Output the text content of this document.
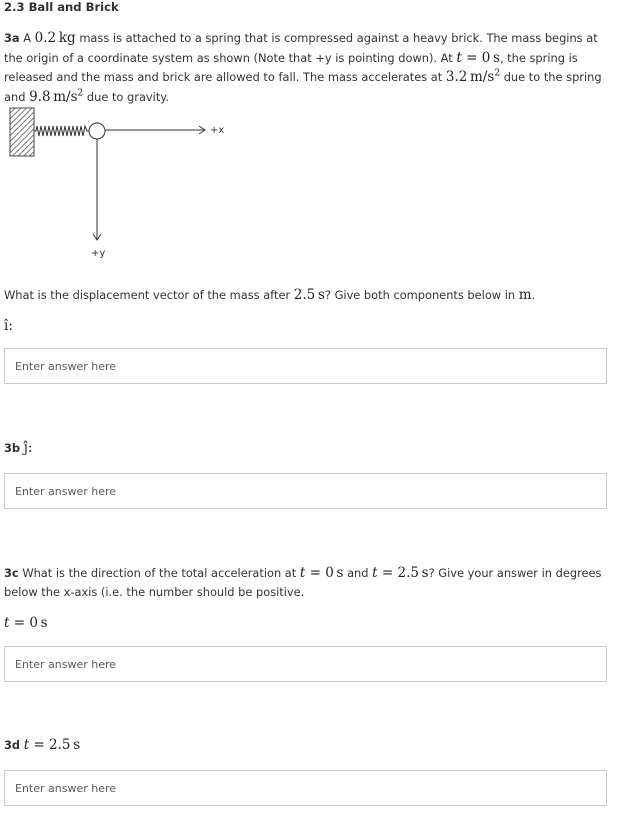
2.3 Ball and Brick
3a A 0.2  kg mass is attached to a spring that is compressed against a heavy brick. The mass begins at the origin of a coordinate system as shown (Note that +y is pointing down). At t = 0  s, the spring is released and the mass and brick are allowed to fall. The mass accelerates at 3.2  $m/s^2$ due to the spring and 9.8  $m/s^2$ due to gravity.
+x
+y
What is the displacement vector of the mass after 2.5  s? Give both components below in m.
î:
Enter answer here
3b ĵ:
Enter answer here
3c What is the direction of the total acceleration at t = 0  s and t = 2.5  s? Give your answer in degrees below the x-axis (i.e. the number should be positive.
t = 0  s
Enter answer here
3d t = 2.5  s
Enter answer here
